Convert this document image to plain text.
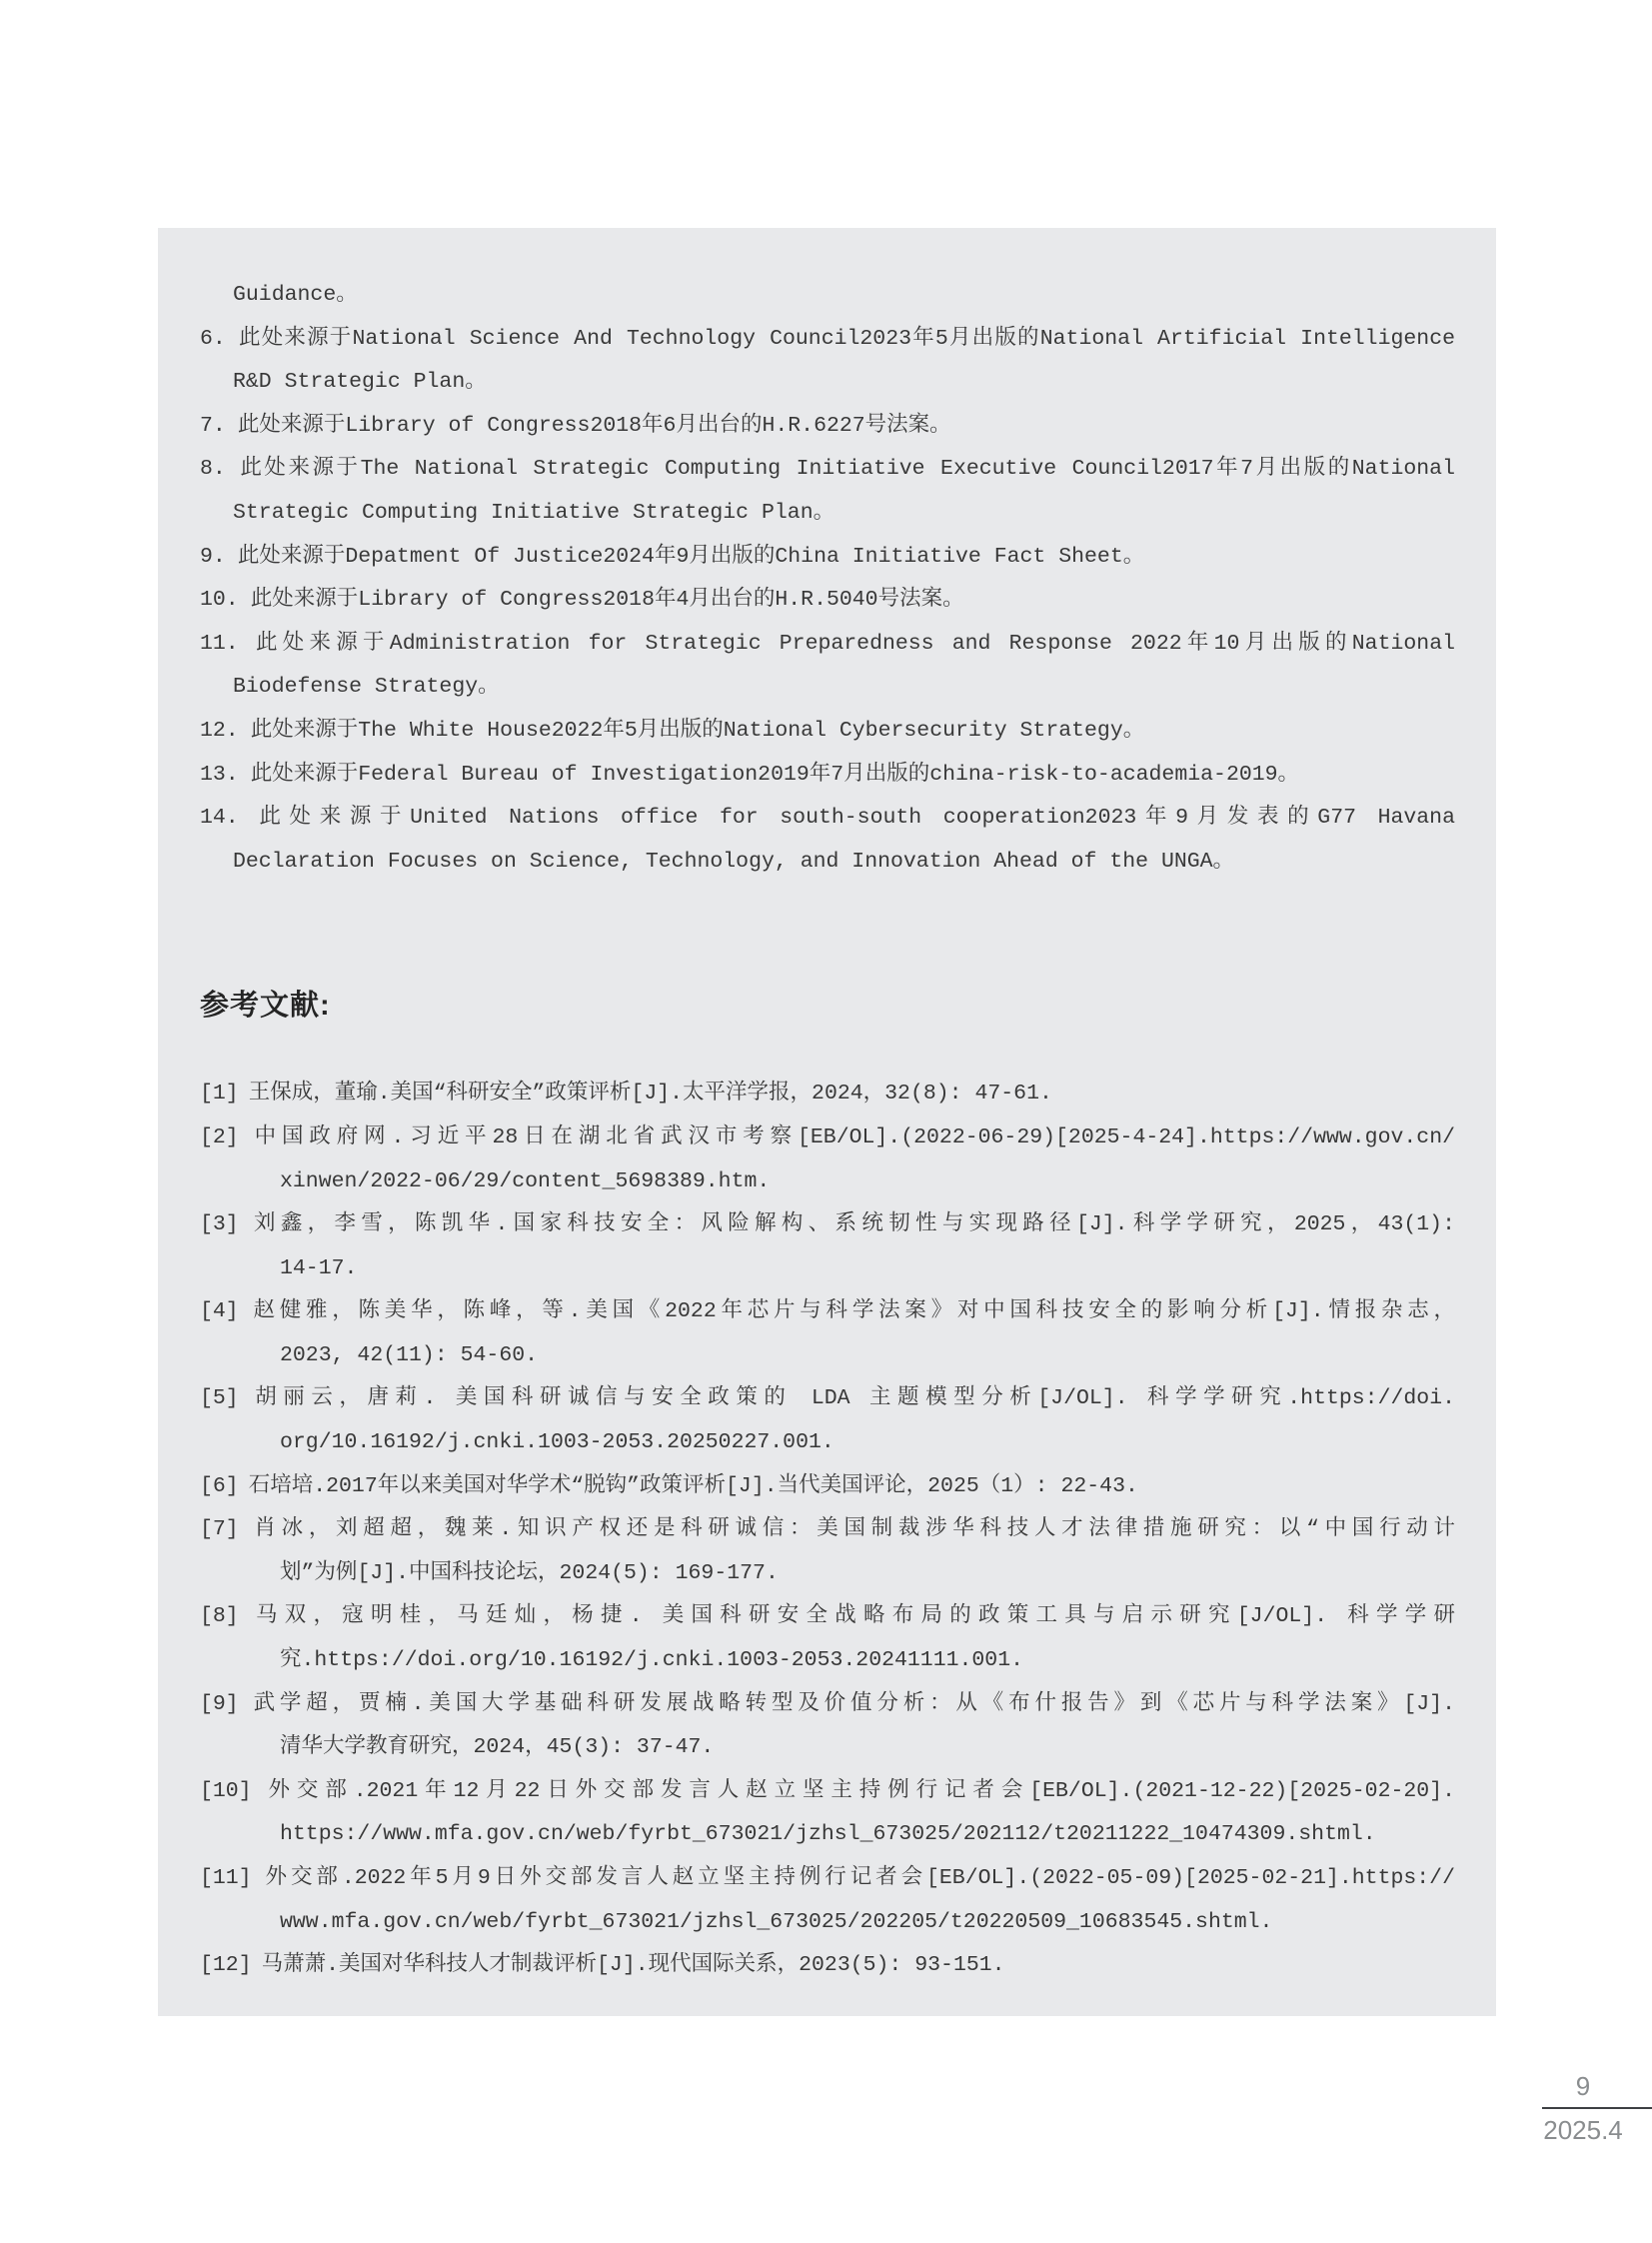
Guidance。
6. 此处来源于National Science And Technology Council2023年5月出版的National Artificial Intelligence
R&D Strategic Plan。
7. 此处来源于Library of Congress2018年6月出台的H.R.6227号法案。
8. 此处来源于The National Strategic Computing Initiative Executive Council2017年7月出版的National
Strategic Computing Initiative Strategic Plan。
9. 此处来源于Depatment Of Justice2024年9月出版的China Initiative Fact Sheet。
10. 此处来源于Library of Congress2018年4月出台的H.R.5040号法案。
11. 此处来源于Administration for Strategic Preparedness and Response 2022年10月出版的National
Biodefense Strategy。
12. 此处来源于The White House2022年5月出版的National Cybersecurity Strategy。
13. 此处来源于Federal Bureau of Investigation2019年7月出版的china-risk-to-academia-2019。
14. 此处来源于United Nations office for south-south cooperation2023年9月发表的G77 Havana
Declaration Focuses on Science, Technology, and Innovation Ahead of the UNGA。
参考文献:
[1] 王保成，董瑜.美国“科研安全”政策评析[J].太平洋学报，2024，32(8): 47-61.
[2] 中国政府网.习近平28日在湖北省武汉市考察[EB/OL].(2022-06-29)[2025-4-24].https://www.gov.cn/
xinwen/2022-06/29/content_5698389.htm.
[3] 刘鑫，李雪，陈凯华.国家科技安全：风险解构、系统韧性与实现路径[J].科学学研究，2025，43(1):
14-17.
[4] 赵健雅，陈美华，陈峰，等.美国《2022年芯片与科学法案》对中国科技安全的影响分析[J].情报杂志，
2023, 42(11): 54-60.
[5] 胡丽云，唐莉. 美国科研诚信与安全政策的 LDA 主题模型分析[J/OL]. 科学学研究.https://doi.
org/10.16192/j.cnki.1003-2053.20250227.001.
[6] 石培培.2017年以来美国对华学术“脱钩”政策评析[J].当代美国评论，2025（1）: 22-43.
[7] 肖冰，刘超超，魏莱.知识产权还是科研诚信：美国制裁涉华科技人才法律措施研究：以“中国行动计
划”为例[J].中国科技论坛，2024(5): 169-177.
[8] 马双，寇明桂，马廷灿，杨捷. 美国科研安全战略布局的政策工具与启示研究[J/OL]. 科学学研
究.https://doi.org/10.16192/j.cnki.1003-2053.20241111.001.
[9] 武学超，贾楠.美国大学基础科研发展战略转型及价值分析：从《布什报告》到《芯片与科学法案》[J].
清华大学教育研究，2024，45(3): 37-47.
[10] 外交部.2021年12月22日外交部发言人赵立坚主持例行记者会[EB/OL].(2021-12-22)[2025-02-20].
https://www.mfa.gov.cn/web/fyrbt_673021/jzhsl_673025/202112/t20211222_10474309.shtml.
[11] 外交部.2022年5月9日外交部发言人赵立坚主持例行记者会[EB/OL].(2022-05-09)[2025-02-21].https://
www.mfa.gov.cn/web/fyrbt_673021/jzhsl_673025/202205/t20220509_10683545.shtml.
[12] 马萧萧.美国对华科技人才制裁评析[J].现代国际关系，2023(5): 93-151.
9
2025.4
